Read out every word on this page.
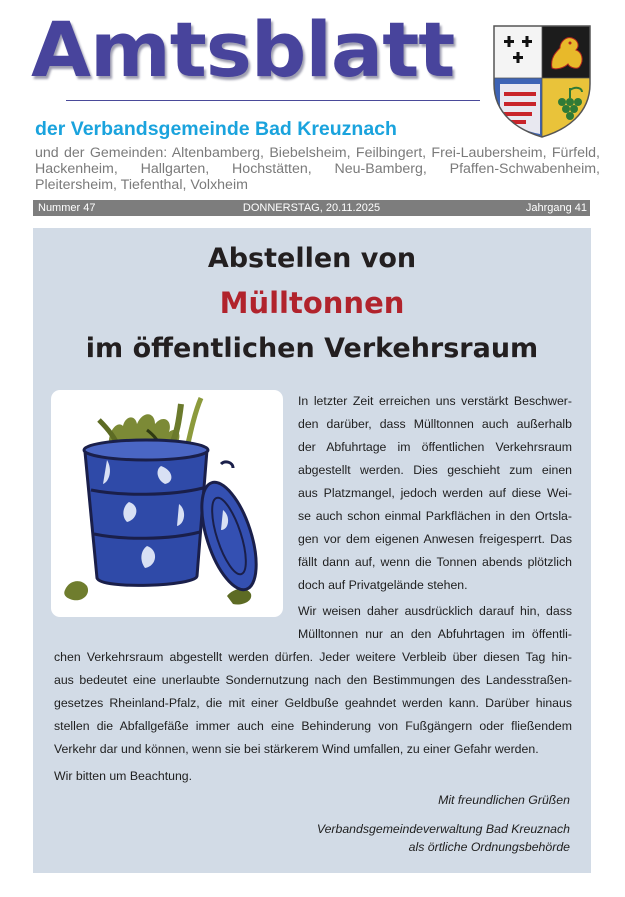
Amtsblatt
der Verbandsgemeinde Bad Kreuznach
und der Gemeinden: Altenbamberg, Biebelsheim, Feilbingert, Frei-Laubersheim, Fürfeld, Hackenheim, Hallgarten, Hochstätten, Neu-Bamberg, Pfaffen-Schwabenheim, Pleitersheim, Tiefenthal, Volxheim
DONNERSTAG, 20.11.2025
Nummer 47	Jahrgang 41
Abstellen von
Mülltonnen
im öffentlichen Verkehrsraum
In letzter Zeit erreichen uns verstärkt Beschwer-
den darüber, dass Mülltonnen auch außerhalb
der Abfuhrtage im öffentlichen Verkehrsraum
abgestellt werden. Dies geschieht zum einen
aus Platzmangel, jedoch werden auf diese Wei-
se auch schon einmal Parkflächen in den Ortsla-
gen vor dem eigenen Anwesen freigesperrt. Das
fällt dann auf, wenn die Tonnen abends plötzlich
doch auf Privatgelände stehen.
Wir weisen daher ausdrücklich darauf hin, dass
Mülltonnen nur an den Abfuhrtagen im öffentli-
chen Verkehrsraum abgestellt werden dürfen. Jeder weitere Verbleib über diesen Tag hin-
aus bedeutet eine unerlaubte Sondernutzung nach den Bestimmungen des Landesstraßen-
gesetzes Rheinland-Pfalz, die mit einer Geldbuße geahndet werden kann. Darüber hinaus
stellen die Abfallgefäße immer auch eine Behinderung von Fußgängern oder fließendem
Verkehr dar und können, wenn sie bei stärkerem Wind umfallen, zu einer Gefahr werden.
Wir bitten um Beachtung.
Mit freundlichen Grüßen
Verbandsgemeindeverwaltung Bad Kreuznach
als örtliche Ordnungsbehörde
